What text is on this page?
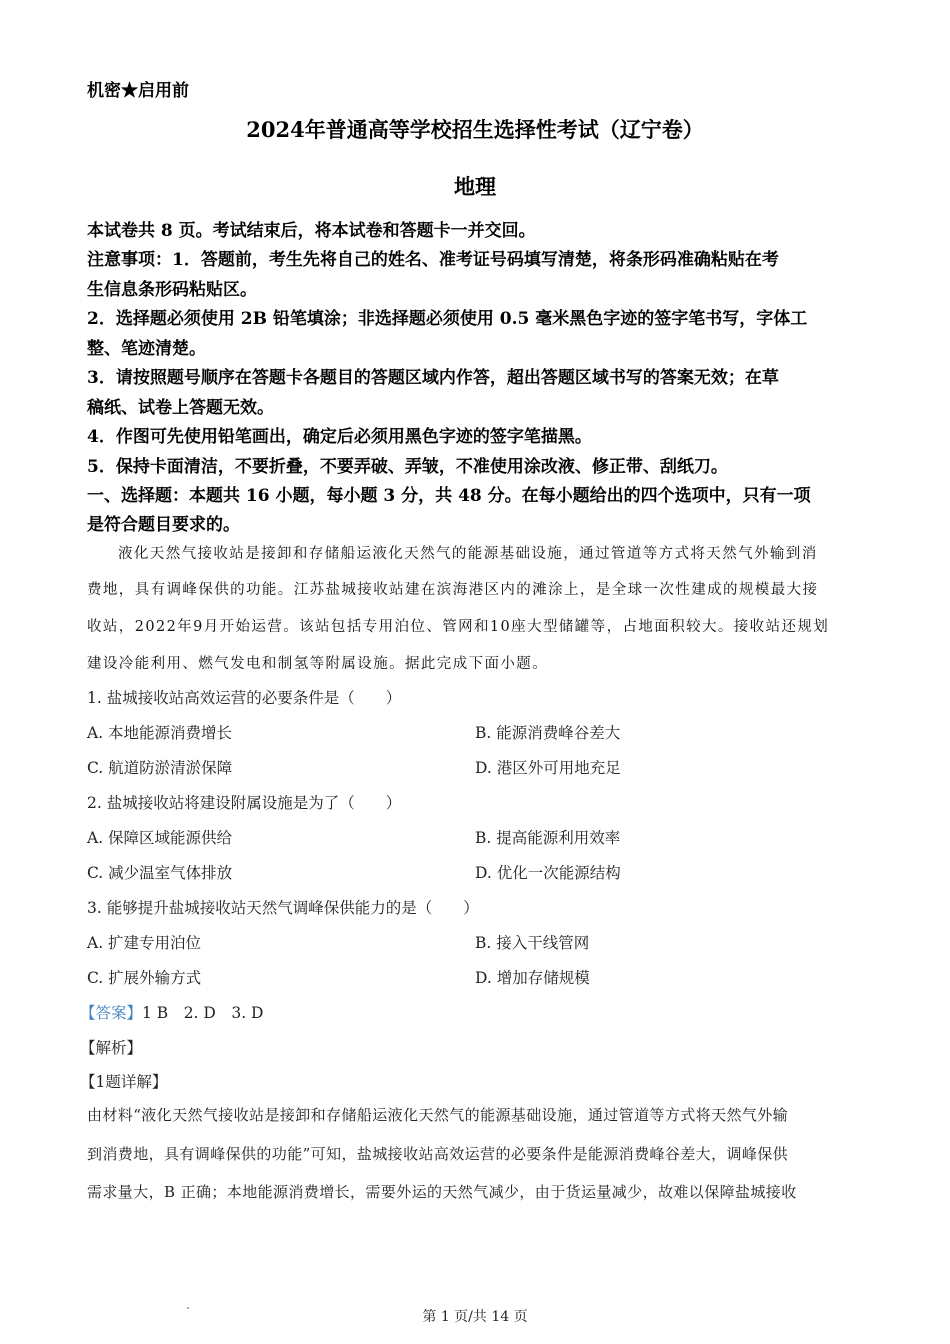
机密★启用前
2024年普通高等学校招生选择性考试（辽宁卷）
地理
本试卷共 8 页。考试结束后，将本试卷和答题卡一并交回。
注意事项：1．答题前，考生先将自己的姓名、准考证号码填写清楚，将条形码准确粘贴在考
生信息条形码粘贴区。
2．选择题必须使用 2B 铅笔填涂；非选择题必须使用 0.5 毫米黑色字迹的签字笔书写，字体工
整、笔迹清楚。
3．请按照题号顺序在答题卡各题目的答题区域内作答，超出答题区域书写的答案无效；在草
稿纸、试卷上答题无效。
4．作图可先使用铅笔画出，确定后必须用黑色字迹的签字笔描黑。
5．保持卡面清洁，不要折叠，不要弄破、弄皱，不准使用涂改液、修正带、刮纸刀。
一、选择题：本题共 16 小题，每小题 3 分，共 48 分。在每小题给出的四个选项中，只有一项
是符合题目要求的。
液化天然气接收站是接卸和存储船运液化天然气的能源基础设施，通过管道等方式将天然气外输到消
费地，具有调峰保供的功能。江苏盐城接收站建在滨海港区内的滩涂上，是全球一次性建成的规模最大接
收站，2022年9月开始运营。该站包括专用泊位、管网和10座大型储罐等，占地面积较大。接收站还规划
建设冷能利用、燃气发电和制氢等附属设施。据此完成下面小题。
1. 盐城接收站高效运营的必要条件是（　　）
A. 本地能源消费增长	B. 能源消费峰谷差大
C. 航道防淤清淤保障	D. 港区外可用地充足
2. 盐城接收站将建设附属设施是为了（　　）
A. 保障区域能源供给	B. 提高能源利用效率
C. 减少温室气体排放	D. 优化一次能源结构
3. 能够提升盐城接收站天然气调峰保供能力的是（　　）
A. 扩建专用泊位	B. 接入干线管网
C. 扩展外输方式	D. 增加存储规模
【答案】1 B　2. D　3. D
【解析】
【1题详解】
由材料“液化天然气接收站是接卸和存储船运液化天然气的能源基础设施，通过管道等方式将天然气外输
到消费地，具有调峰保供的功能”可知，盐城接收站高效运营的必要条件是能源消费峰谷差大，调峰保供
需求量大，B 正确；本地能源消费增长，需要外运的天然气减少，由于货运量减少，故难以保障盐城接收
第 1 页/共 14 页
